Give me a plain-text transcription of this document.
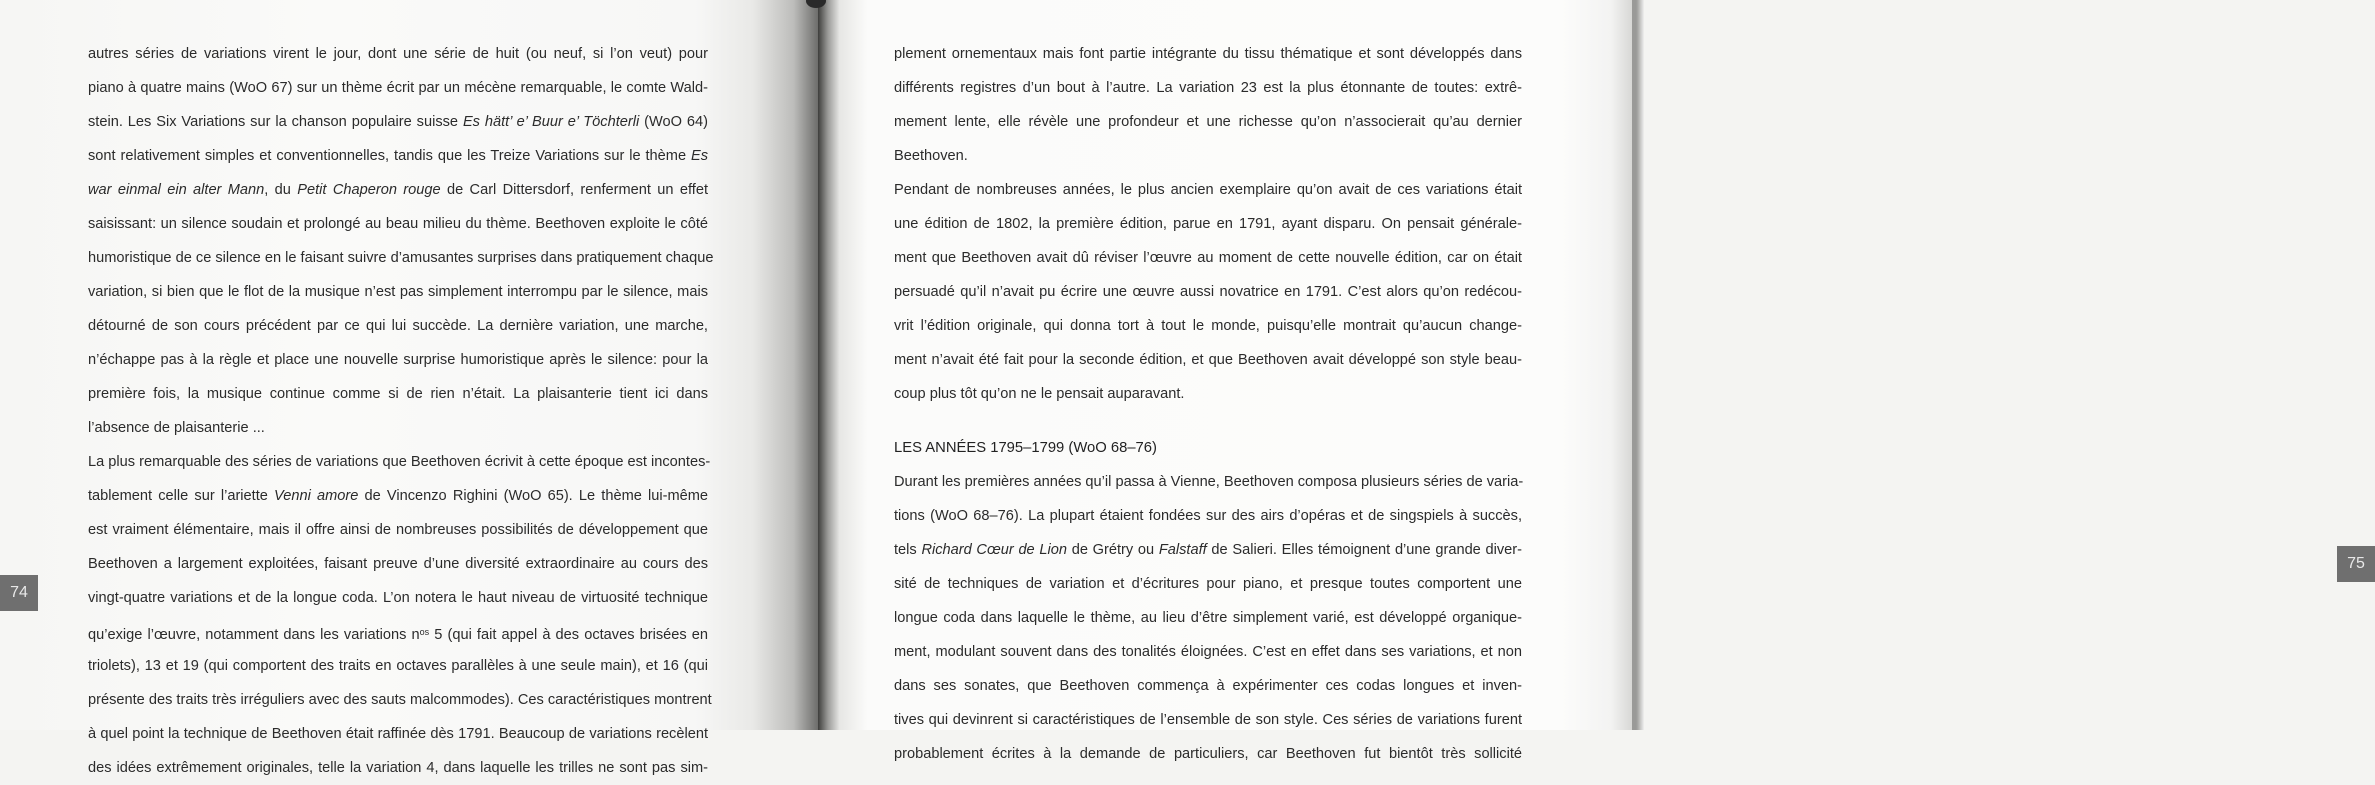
autres séries de variations virent le jour, dont une série de huit (ou neuf, si l’on veut) pour
piano à quatre mains (WoO 67) sur un thème écrit par un mécène remarquable, le comte Wald-
stein. Les Six Variations sur la chanson populaire suisse Es hätt’ e’ Buur e’ Töchterli (WoO 64)
sont relativement simples et conventionnelles, tandis que les Treize Variations sur le thème Es
war einmal ein alter Mann, du Petit Chaperon rouge de Carl Dittersdorf, renferment un effet
saisissant: un silence soudain et prolongé au beau milieu du thème. Beethoven exploite le côté
humoristique de ce silence en le faisant suivre d’amusantes surprises dans pratiquement chaque
variation, si bien que le flot de la musique n’est pas simplement interrompu par le silence, mais
détourné de son cours précédent par ce qui lui succède. La dernière variation, une marche,
n’échappe pas à la règle et place une nouvelle surprise humoristique après le silence: pour la
première fois, la musique continue comme si de rien n’était. La plaisanterie tient ici dans
l’absence de plaisanterie ...
La plus remarquable des séries de variations que Beethoven écrivit à cette époque est incontes-
tablement celle sur l’ariette Venni amore de Vincenzo Righini (WoO 65). Le thème lui-même
est vraiment élémentaire, mais il offre ainsi de nombreuses possibilités de développement que
Beethoven a largement exploitées, faisant preuve d’une diversité extraordinaire au cours des
vingt-quatre variations et de la longue coda. L’on notera le haut niveau de virtuosité technique
qu’exige l’œuvre, notamment dans les variations $n^{os}$ 5 (qui fait appel à des octaves brisées en
triolets), 13 et 19 (qui comportent des traits en octaves parallèles à une seule main), et 16 (qui
présente des traits très irréguliers avec des sauts malcommodes). Ces caractéristiques montrent
à quel point la technique de Beethoven était raffinée dès 1791. Beaucoup de variations recèlent
des idées extrêmement originales, telle la variation 4, dans laquelle les trilles ne sont pas sim-
74
plement ornementaux mais font partie intégrante du tissu thématique et sont développés dans
différents registres d’un bout à l’autre. La variation 23 est la plus étonnante de toutes: extrê-
mement lente, elle révèle une profondeur et une richesse qu’on n’associerait qu’au dernier
Beethoven.
Pendant de nombreuses années, le plus ancien exemplaire qu’on avait de ces variations était
une édition de 1802, la première édition, parue en 1791, ayant disparu. On pensait générale-
ment que Beethoven avait dû réviser l’œuvre au moment de cette nouvelle édition, car on était
persuadé qu’il n’avait pu écrire une œuvre aussi novatrice en 1791. C’est alors qu’on redécou-
vrit l’édition originale, qui donna tort à tout le monde, puisqu’elle montrait qu’aucun change-
ment n’avait été fait pour la seconde édition, et que Beethoven avait développé son style beau-
coup plus tôt qu’on ne le pensait auparavant.
LES ANNÉES 1795–1799 (WoO 68–76)
Durant les premières années qu’il passa à Vienne, Beethoven composa plusieurs séries de varia-
tions (WoO 68–76). La plupart étaient fondées sur des airs d’opéras et de singspiels à succès,
tels Richard Cœur de Lion de Grétry ou Falstaff de Salieri. Elles témoignent d’une grande diver-
sité de techniques de variation et d’écritures pour piano, et presque toutes comportent une
longue coda dans laquelle le thème, au lieu d’être simplement varié, est développé organique-
ment, modulant souvent dans des tonalités éloignées. C’est en effet dans ses variations, et non
dans ses sonates, que Beethoven commença à expérimenter ces codas longues et inven-
tives qui devinrent si caractéristiques de l’ensemble de son style. Ces séries de variations furent
probablement écrites à la demande de particuliers, car Beethoven fut bientôt très sollicité
75
